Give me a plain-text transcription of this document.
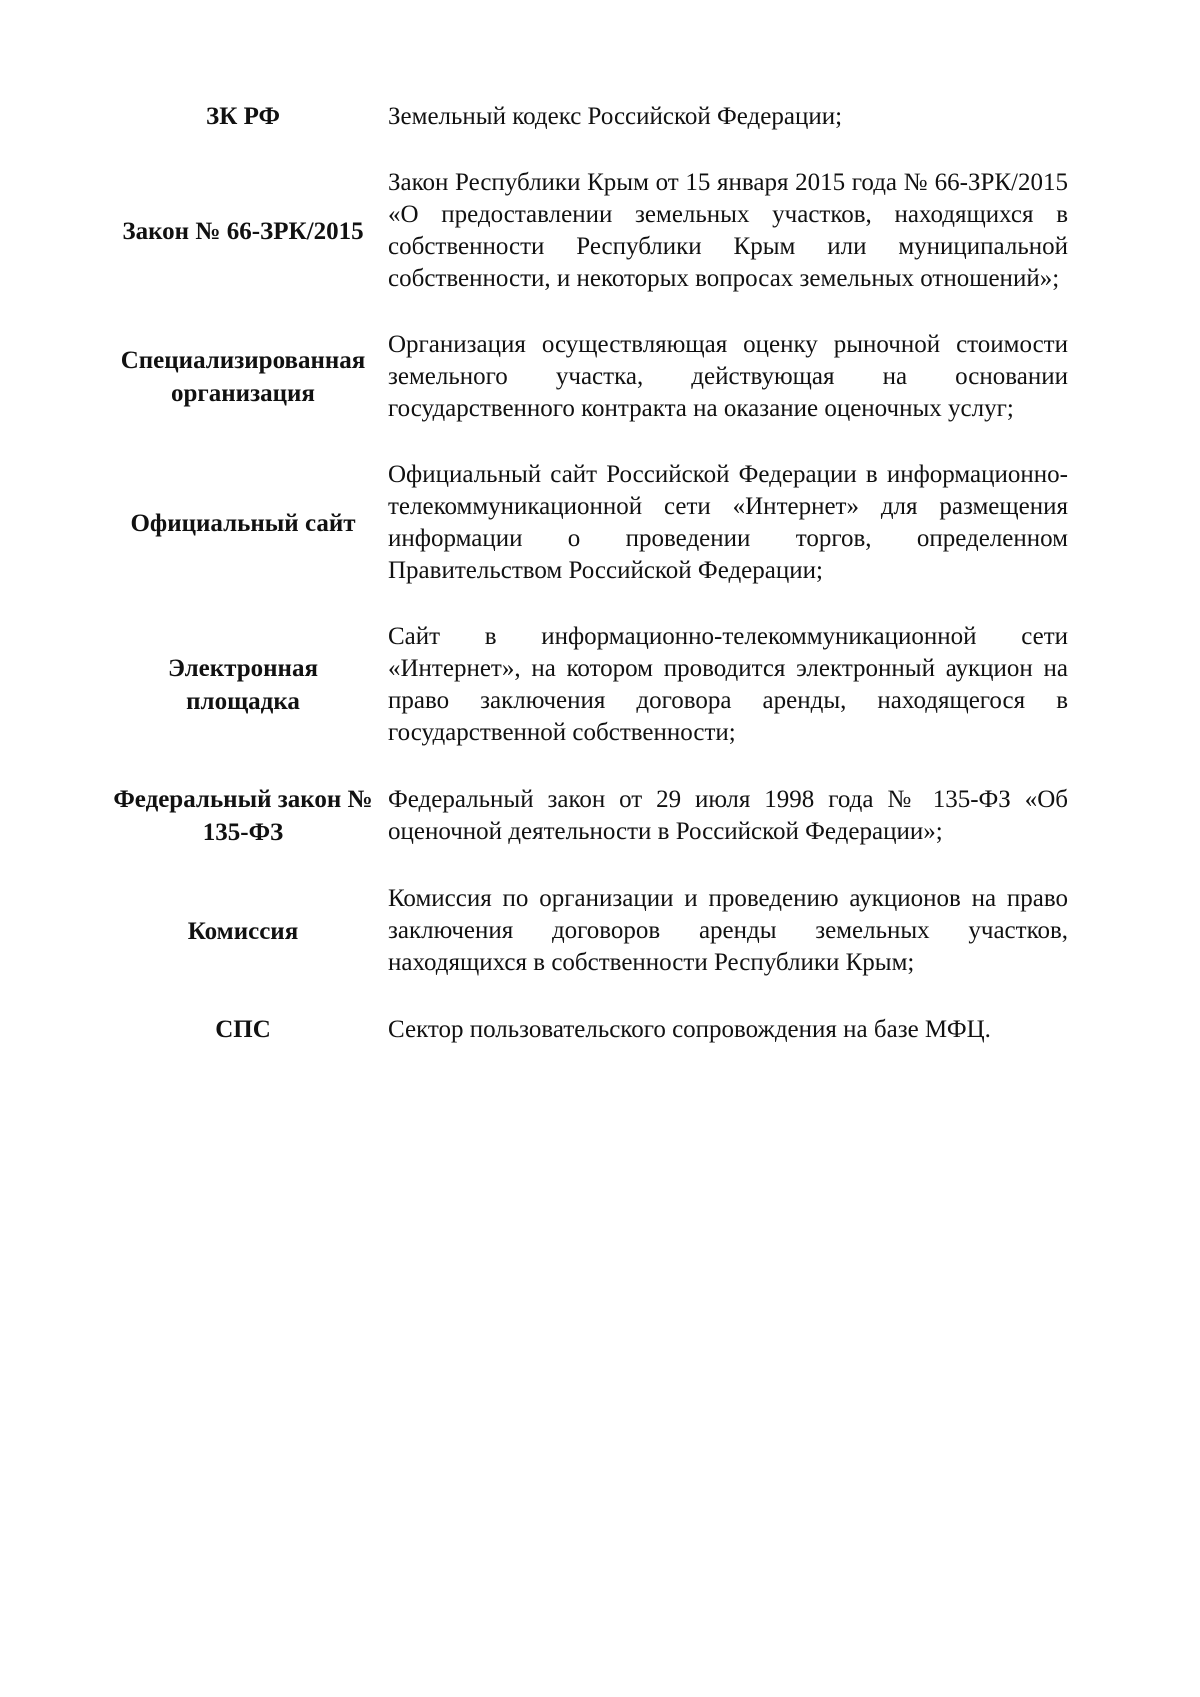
ЗК РФ	Земельный кодекс Российской Федерации;
Закон № 66-ЗРК/2015
Закон Республики Крым от 15 января 2015 года № 66-ЗРК/2015 «О предоставлении земельных участков, находящихся в собственности Республики Крым или муниципальной собственности, и некоторых вопросах земельных отношений»;
Специализированная организация
Организация осуществляющая оценку рыночной стоимости земельного участка, действующая на основании государственного контракта на оказание оценочных услуг;
Официальный сайт
Официальный сайт Российской Федерации в информационно-телекоммуникационной сети «Интернет» для размещения информации о проведении торгов, определенном Правительством Российской Федерации;
Электронная площадка
Сайт в информационно-телекоммуникационной сети «Интернет», на котором проводится электронный аукцион на право заключения договора аренды, находящегося в государственной собственности;
Федеральный закон № 135-ФЗ
Федеральный закон от 29 июля 1998 года № 135-ФЗ «Об оценочной деятельности в Российской Федерации»;
Комиссия
Комиссия по организации и проведению аукционов на право заключения договоров аренды земельных участков, находящихся в собственности Республики Крым;
СПС	Сектор пользовательского сопровождения на базе МФЦ.
